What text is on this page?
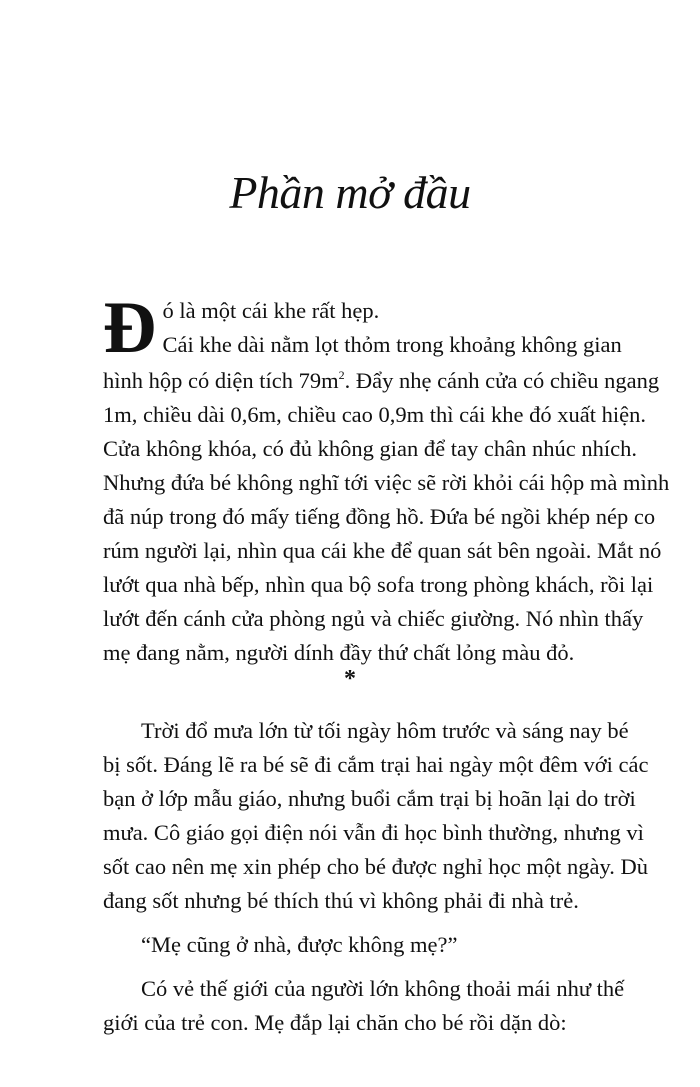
Phần mở đầu
Đ ó là một cái khe rất hẹp.
Cái khe dài nằm lọt thỏm trong khoảng không gian
hình hộp có diện tích $79m^2$. Đẩy nhẹ cánh cửa có chiều ngang
1m, chiều dài 0,6m, chiều cao 0,9m thì cái khe đó xuất hiện.
Cửa không khóa, có đủ không gian để tay chân nhúc nhích.
Nhưng đứa bé không nghĩ tới việc sẽ rời khỏi cái hộp mà mình
đã núp trong đó mấy tiếng đồng hồ. Đứa bé ngồi khép nép co
rúm người lại, nhìn qua cái khe để quan sát bên ngoài. Mắt nó
lướt qua nhà bếp, nhìn qua bộ sofa trong phòng khách, rồi lại
lướt đến cánh cửa phòng ngủ và chiếc giường. Nó nhìn thấy
mẹ đang nằm, người dính đầy thứ chất lỏng màu đỏ.
*
Trời đổ mưa lớn từ tối ngày hôm trước và sáng nay bé
bị sốt. Đáng lẽ ra bé sẽ đi cắm trại hai ngày một đêm với các
bạn ở lớp mẫu giáo, nhưng buổi cắm trại bị hoãn lại do trời
mưa. Cô giáo gọi điện nói vẫn đi học bình thường, nhưng vì
sốt cao nên mẹ xin phép cho bé được nghỉ học một ngày. Dù
đang sốt nhưng bé thích thú vì không phải đi nhà trẻ.
“Mẹ cũng ở nhà, được không mẹ?”
Có vẻ thế giới của người lớn không thoải mái như thế
giới của trẻ con. Mẹ đắp lại chăn cho bé rồi dặn dò:
